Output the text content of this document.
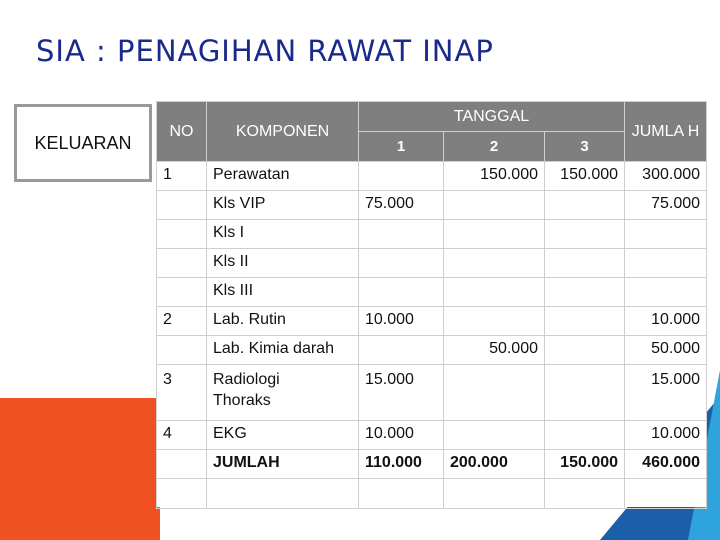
SIA : PENAGIHAN RAWAT INAP
KELUARAN
NO	KOMPONEN	TANGGAL			JUMLA H
		1	2	3	
1	Perawatan		150.000	150.000	300.000
	Kls VIP	75.000			75.000
	Kls I				
	Kls II				
	Kls III				
2	Lab. Rutin	10.000			10.000
	Lab. Kimia darah		50.000		50.000
3	Radiologi Thoraks	15.000			15.000
4	EKG	10.000			10.000
	JUMLAH	110.000	200.000	150.000	460.000
